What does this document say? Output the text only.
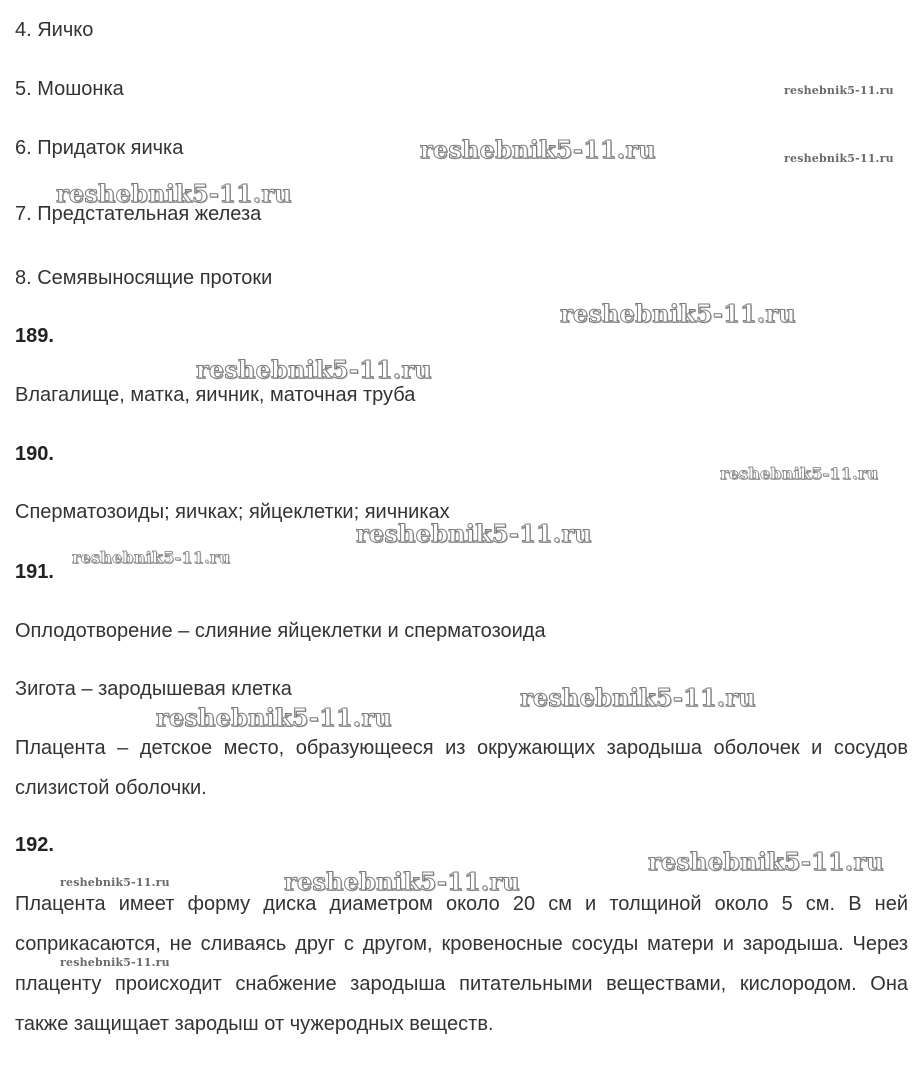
4. Яичко
5. Мошонка
6. Придаток яичка
7. Предстательная железа
8. Семявыносящие протоки
189.
Влагалище, матка, яичник, маточная труба
190.
Сперматозоиды; яичках; яйцеклетки; яичниках
191.
Оплодотворение – слияние яйцеклетки и сперматозоида
Зигота – зародышевая клетка
Плацента – детское место, образующееся из окружающих зародыша оболочек и сосудов слизистой оболочки.
192.
Плацента имеет форму диска диаметром около 20 см и толщиной около 5 см. В ней соприкасаются, не сливаясь друг с другом, кровеносные сосуды матери и зародыша. Через плаценту происходит снабжение зародыша питательными веществами, кислородом. Она также защищает зародыш от чужеродных веществ.
reshebnik5-11.ru
reshebnik5-11.ru	reshebnik5-11.ru
reshebnik5-11.ru
reshebnik5-11.ru
reshebnik5-11.ru
reshebnik5-11.ru
reshebnik5-11.ru
reshebnik5-11.ru
reshebnik5-11.ru
reshebnik5-11.ru
reshebnik5-11.ru
reshebnik5-11.ru	reshebnik5-11.ru
reshebnik5-11.ru
